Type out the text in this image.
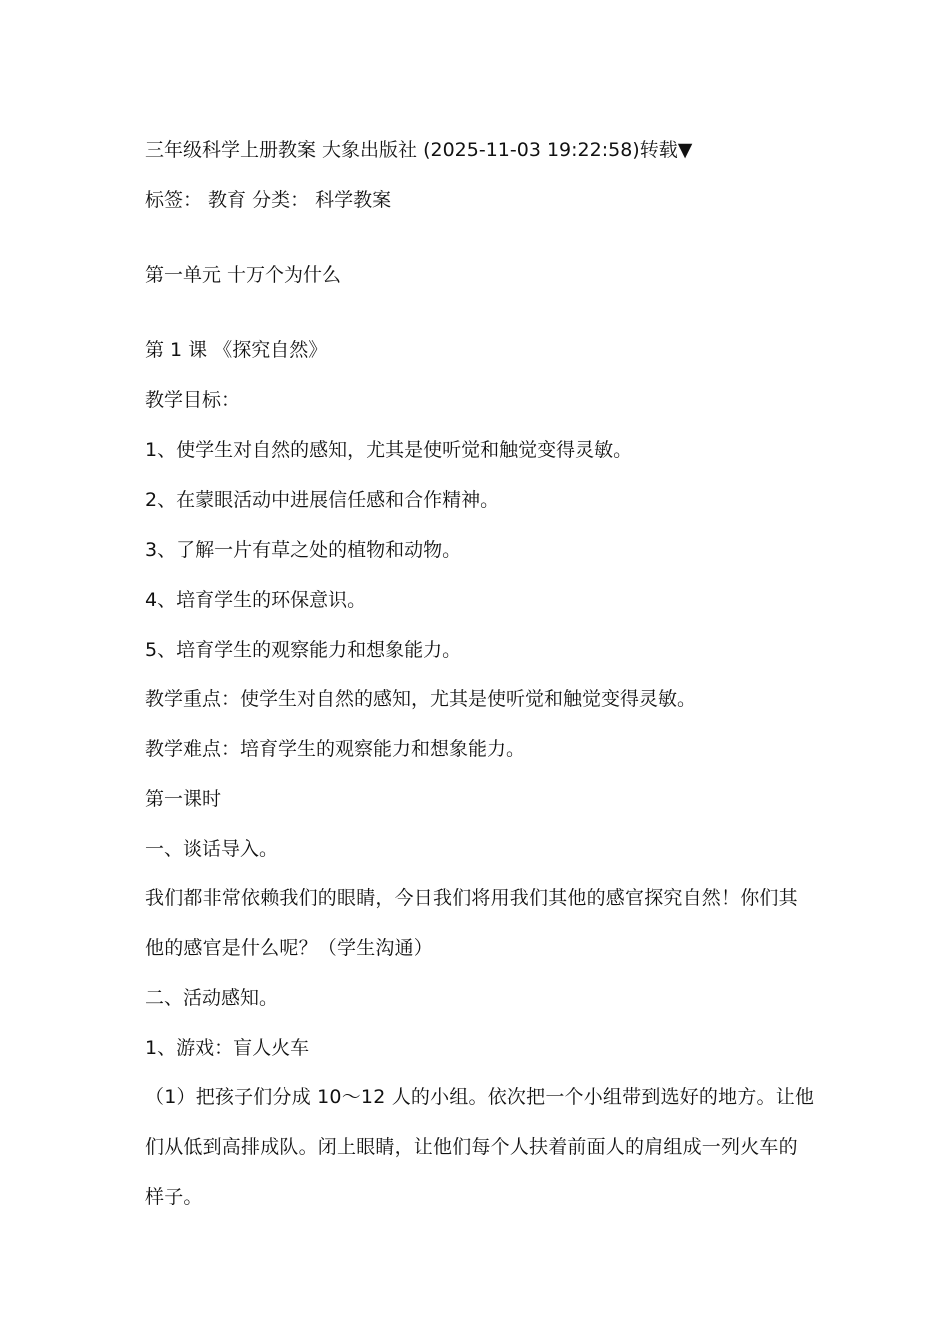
三年级科学上册教案 大象出版社 (2025-11-03 19:22:58)转载▼
标签： 教育 分类： 科学教案
第一单元 十万个为什么
第 1 课 《探究自然》
教学目标：
1、使学生对自然的感知，尤其是使听觉和触觉变得灵敏。
2、在蒙眼活动中进展信任感和合作精神。
3、了解一片有草之处的植物和动物。
4、培育学生的环保意识。
5、培育学生的观察能力和想象能力。
教学重点：使学生对自然的感知，尤其是使听觉和触觉变得灵敏。
教学难点：培育学生的观察能力和想象能力。
第一课时
一、谈话导入。
我们都非常依赖我们的眼睛，今日我们将用我们其他的感官探究自然！你们其
他的感官是什么呢？（学生沟通）
二、活动感知。
1、游戏：盲人火车
（1）把孩子们分成 10～12 人的小组。依次把一个小组带到选好的地方。让他
们从低到高排成队。闭上眼睛，让他们每个人扶着前面人的肩组成一列火车的
样子。
